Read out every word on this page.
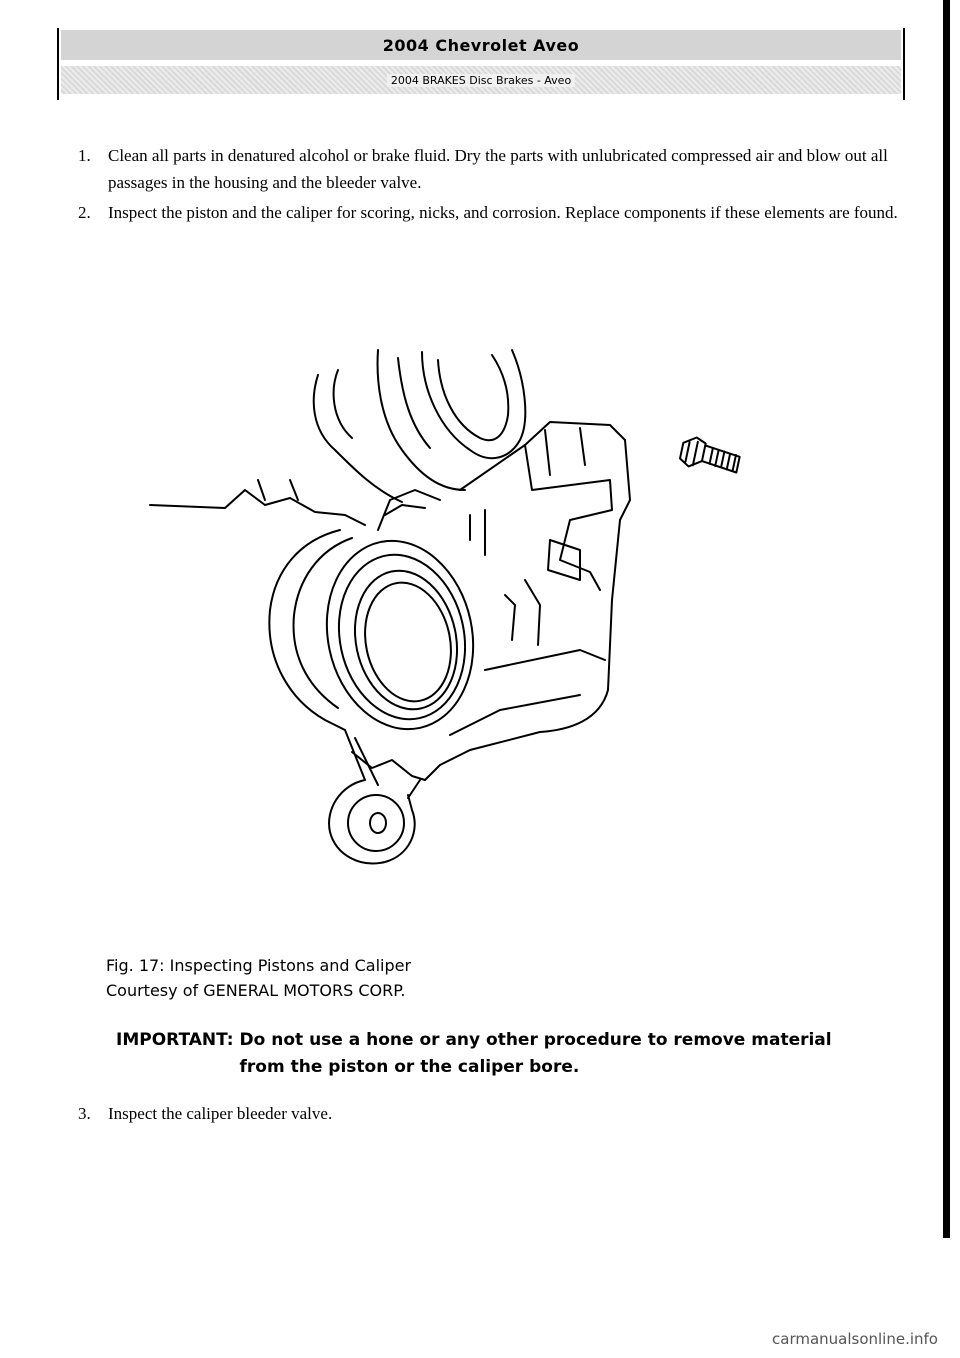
2004 Chevrolet Aveo
2004 BRAKES Disc Brakes - Aveo
1.	Clean all parts in denatured alcohol or brake fluid. Dry the parts with unlubricated compressed air and blow out all passages in the housing and the bleeder valve.
2.	Inspect the piston and the caliper for scoring, nicks, and corrosion. Replace components if these elements are found.
Fig. 17: Inspecting Pistons and Caliper
Courtesy of GENERAL MOTORS CORP.
IMPORTANT: Do not use a hone or any other procedure to remove material from the piston or the caliper bore.
3.	Inspect the caliper bleeder valve.
carmanualsonline.info
